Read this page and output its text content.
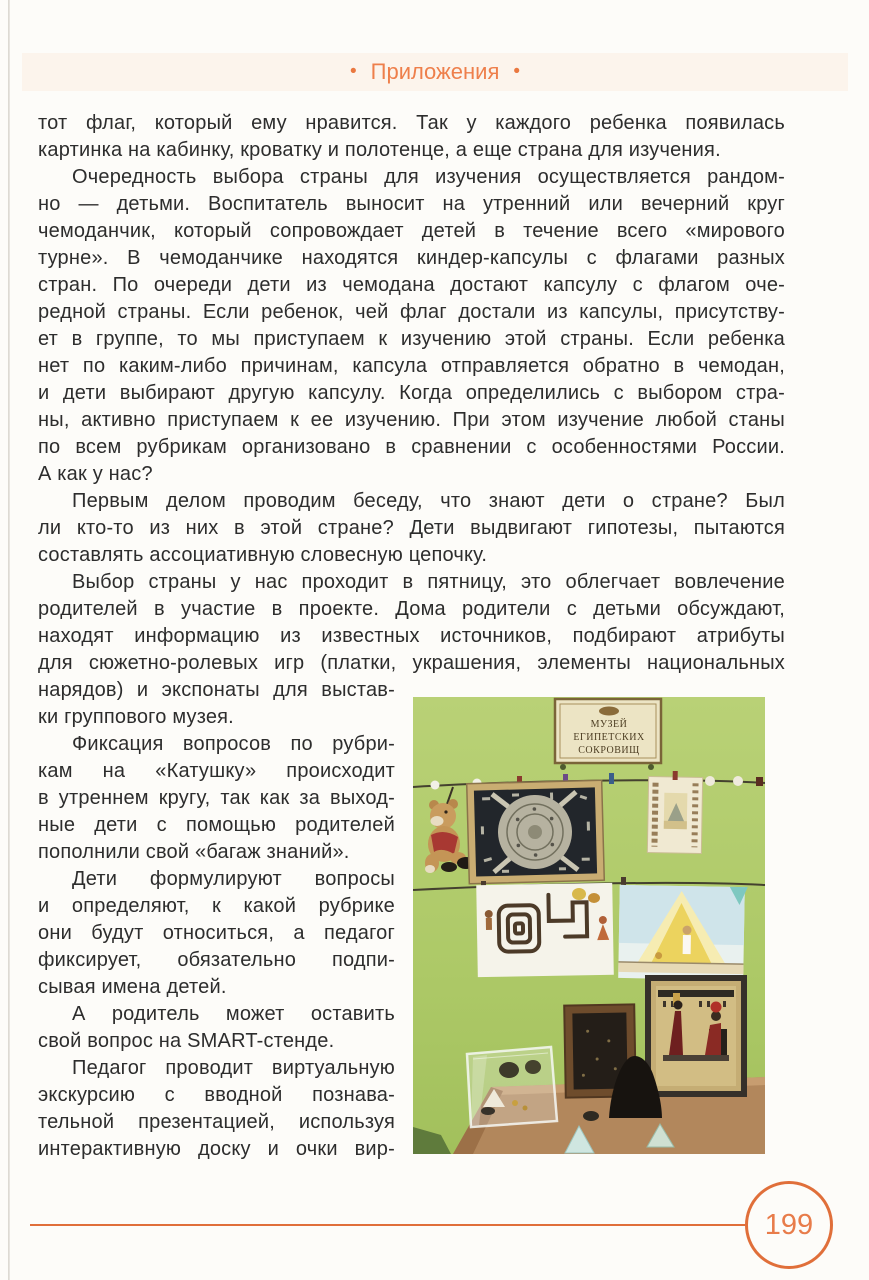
• Приложения •
тот флаг, который ему нравится. Так у каждого ребенка появилась
картинка на кабинку, кроватку и полотенце, а еще страна для изучения.
Очередность выбора страны для изучения осуществляется рандом-
но — детьми. Воспитатель выносит на утренний или вечерний круг
чемоданчик, который сопровождает детей в течение всего «мирового
турне». В чемоданчике находятся киндер-капсулы с флагами разных
стран. По очереди дети из чемодана достают капсулу с флагом оче-
редной страны. Если ребенок, чей флаг достали из капсулы, присутству-
ет в группе, то мы приступаем к изучению этой страны. Если ребенка
нет по каким-либо причинам, капсула отправляется обратно в чемодан,
и дети выбирают другую капсулу. Когда определились с выбором стра-
ны, активно приступаем к ее изучению. При этом изучение любой станы
по всем рубрикам организовано в сравнении с особенностями России.
А как у нас?
Первым делом проводим беседу, что знают дети о стране? Был
ли кто-то из них в этой стране? Дети выдвигают гипотезы, пытаются
составлять ассоциативную словесную цепочку.
Выбор страны у нас проходит в пятницу, это облегчает вовлечение
родителей в участие в проекте. Дома родители с детьми обсуждают,
находят информацию из известных источников, подбирают атрибуты
для сюжетно-ролевых игр (платки, украшения, элементы национальных
нарядов) и экспонаты для выстав-
ки группового музея.
Фиксация вопросов по рубри-
кам на «Катушку» происходит
в утреннем кругу, так как за выход-
ные дети с помощью родителей
пополнили свой «багаж знаний».
Дети формулируют вопросы
и определяют, к какой рубрике
они будут относиться, а педагог
фиксирует, обязательно подпи-
сывая имена детей.
А родитель может оставить
свой вопрос на SMART-стенде.
Педагог проводит виртуальную
экскурсию с вводной познава-
тельной презентацией, используя
интерактивную доску и очки вир-
МУЗЕЙ
ЕГИПЕТСКИХ
СОКРОВИЩ
199
